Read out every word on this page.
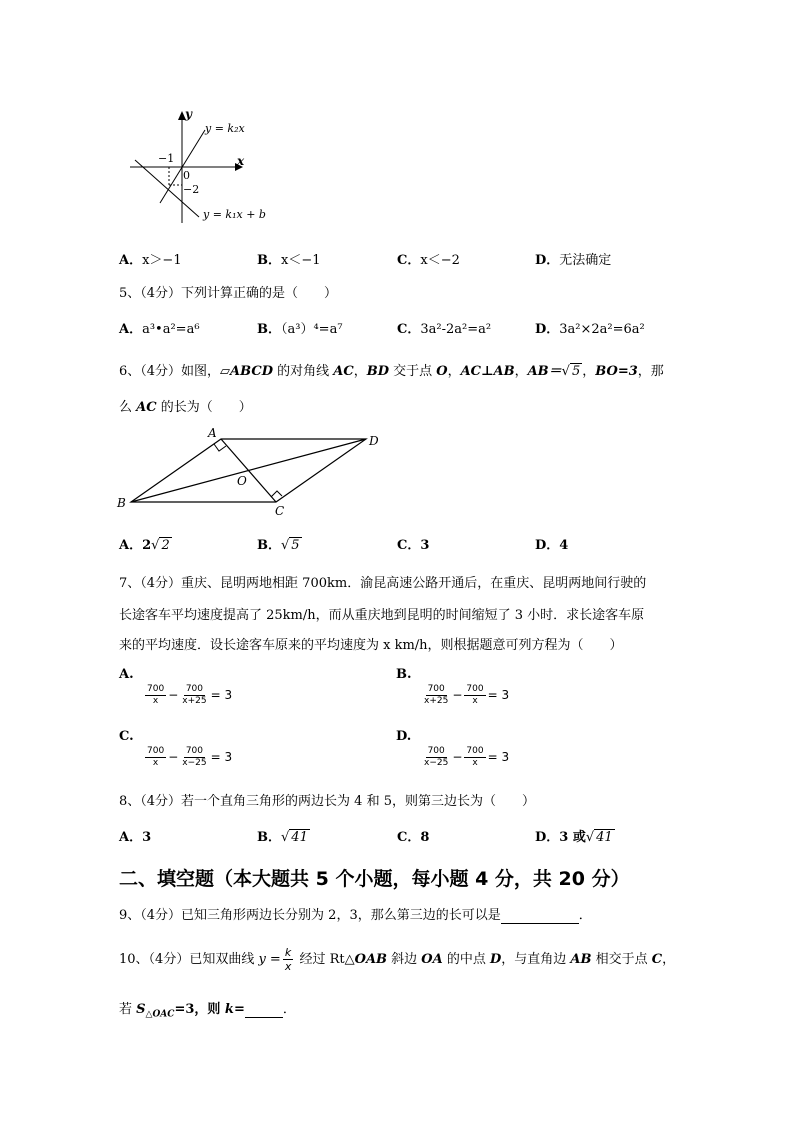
y
x
−1
0
−2
y = k₂x
y = k₁x + b
A．x＞−1	B．x＜−1	C．x＜−2	D．无法确定
5、（4分）下列计算正确的是（　　）
A．a³•a²=a⁶	B．（a³）⁴=a⁷	C．3a²-2a²=a²	D．3a²×2a²=6a²
6、（4分）如图，▱ABCD 的对角线 AC，BD 交于点 O，AC⊥AB，AB＝√ 5 ，BO=3，那
么 AC 的长为（　　）
A
B
C
D
O
A．2√ 2	B．√ 5	C．3	D．4
7、（4分）重庆、昆明两地相距 700km．渝昆高速公路开通后，在重庆、昆明两地间行驶的
长途客车平均速度提高了 25km/h，而从重庆地到昆明的时间缩短了 3 小时．求长途客车原
来的平均速度．设长途客车原来的平均速度为 x km/h，则根据题意可列方程为（　　）
A.
$\frac{700}{x} - \frac{700}{x+25} = 3$
B.
$\frac{700}{x+25} - \frac{700}{x} = 3$
C.
$\frac{700}{x} - \frac{700}{x-25} = 3$
D.
$\frac{700}{x-25} - \frac{700}{x} = 3$
8、（4分）若一个直角三角形的两边长为 4 和 5，则第三边长为（　　）
A．3	B．√ 41	C．8	D．3 或√ 41
二、填空题（本大题共 5 个小题，每小题 4 分，共 20 分）
9、（4分）已知三角形两边长分别为 2，3，那么第三边的长可以是	．
10、（4分）已知双曲线 $y = \frac{k}{x}$ 经过 Rt△OAB 斜边 OA 的中点 D，与直角边 AB 相交于点 C，
若 $S_{\triangle OAC}=3$，则 k=	．
